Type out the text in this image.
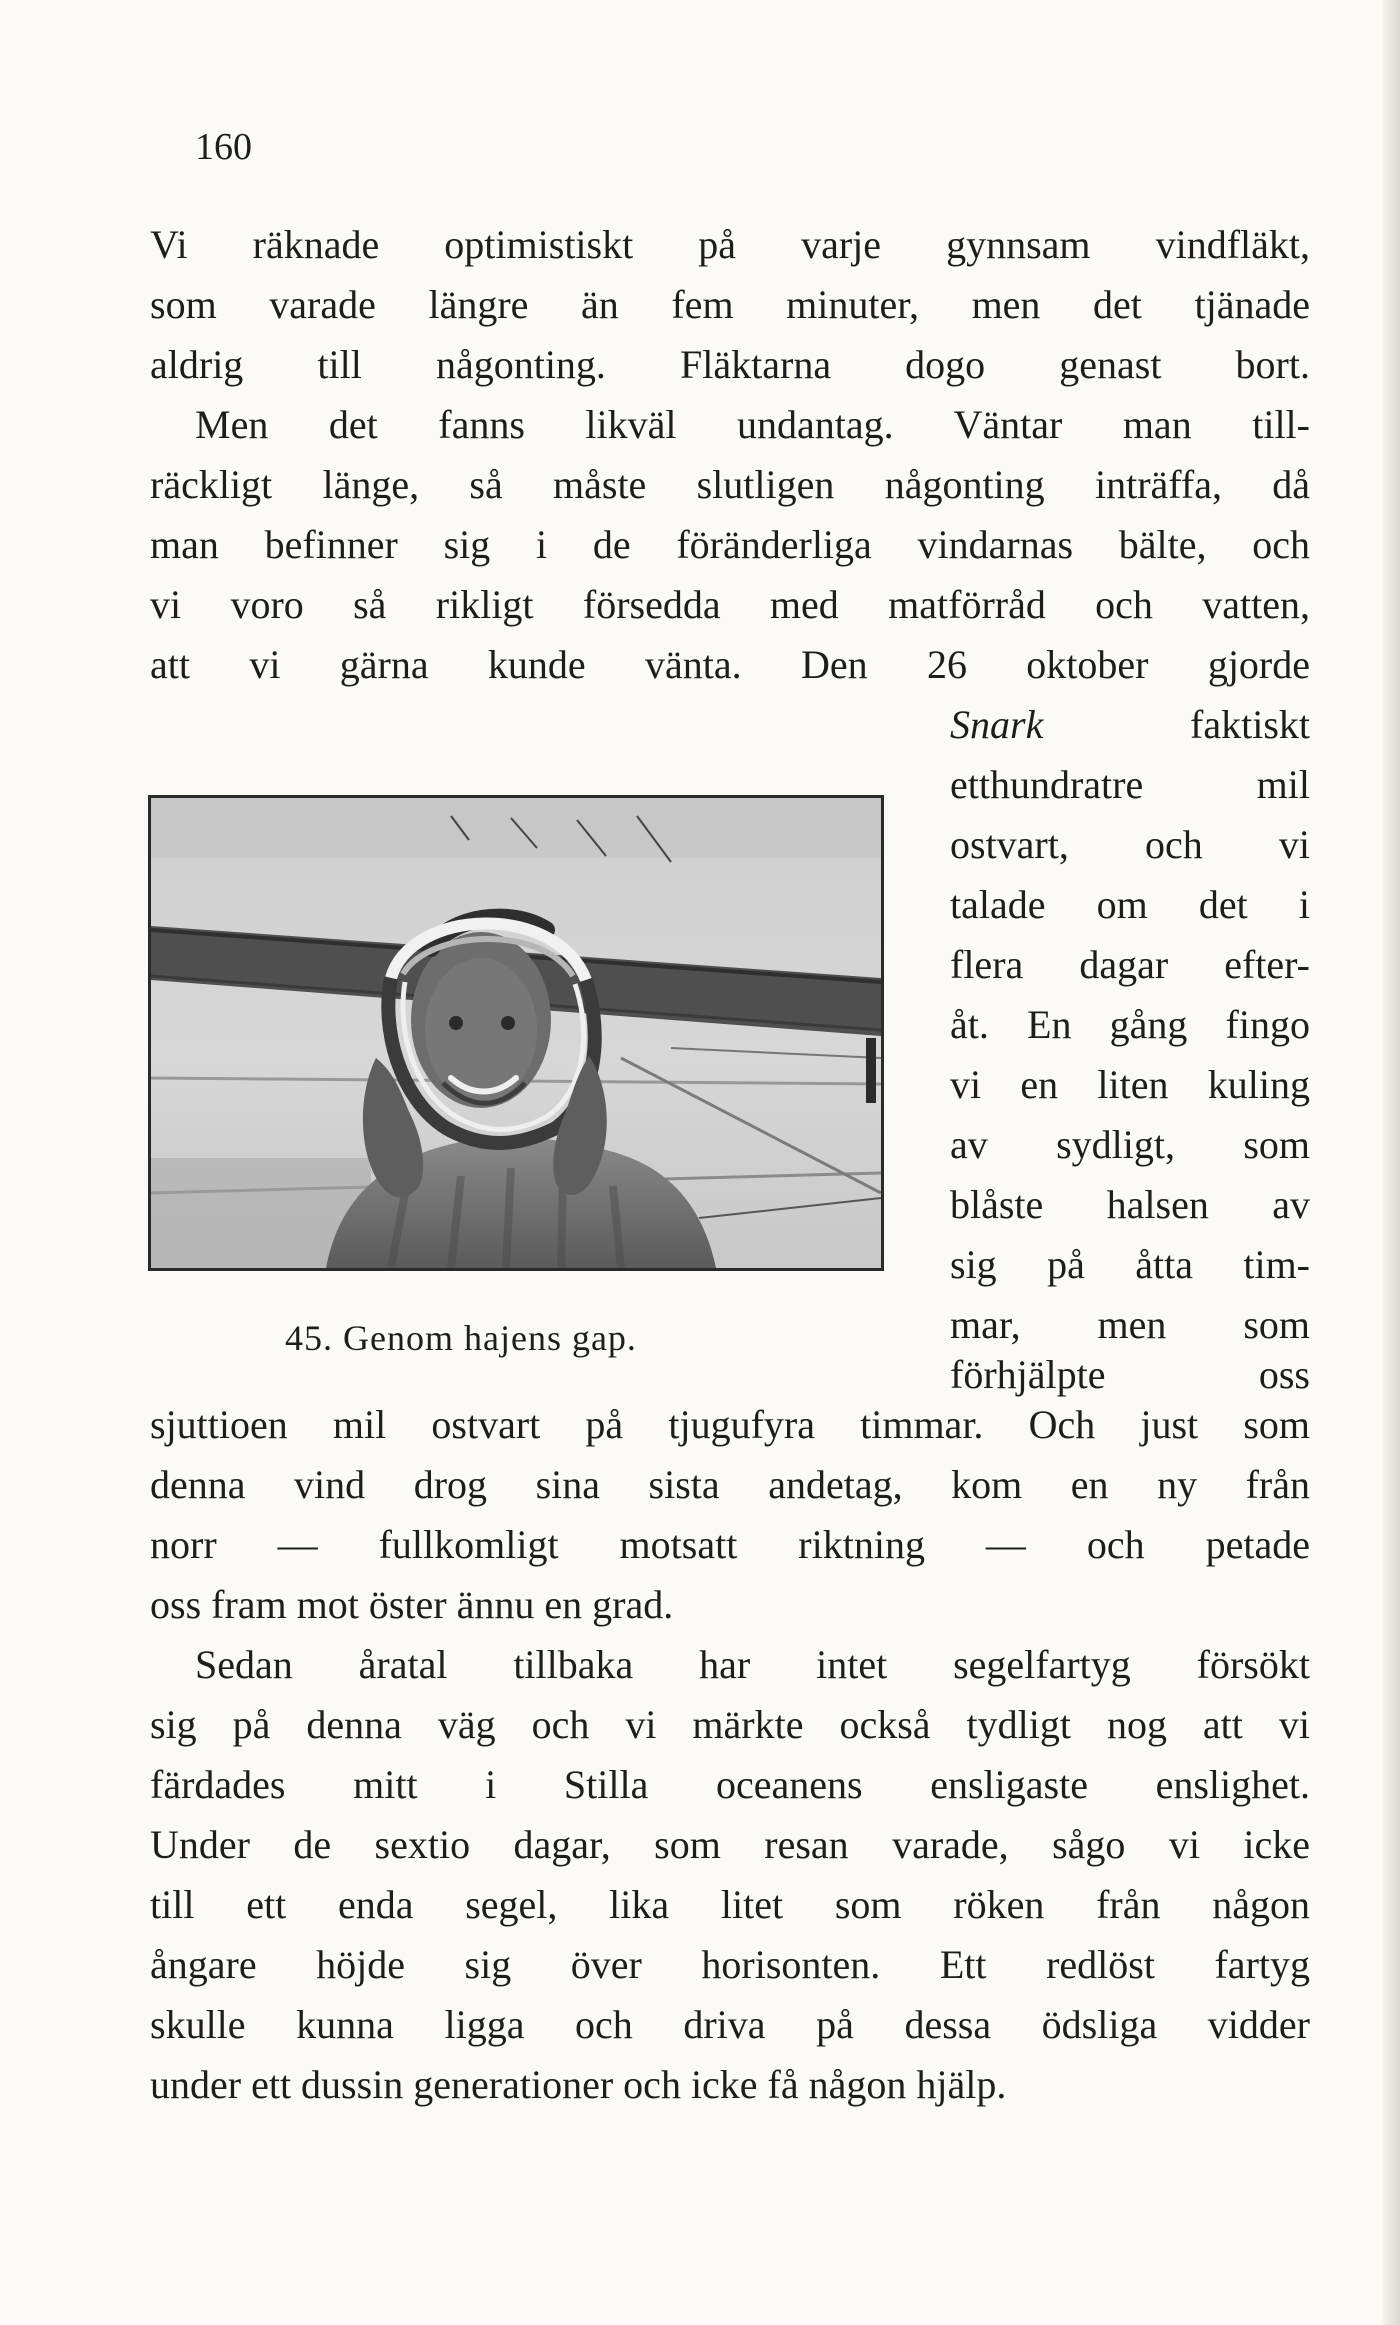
160
Vi räknade optimistiskt på varje gynnsam vindfläkt,
som varade längre än fem minuter, men det tjänade
aldrig till någonting. Fläktarna dogo genast bort.
Men det fanns likväl undantag. Väntar man till-
räckligt länge, så måste slutligen någonting inträffa, då
man befinner sig i de föränderliga vindarnas bälte, och
vi voro så rikligt försedda med matförråd och vatten,
att vi gärna kunde vänta. Den 26 oktober gjorde
Snark faktiskt
etthundratre mil
ostvart, och vi
talade om det i
flera dagar efter-
åt. En gång fingo
vi en liten kuling
av sydligt, som
blåste halsen av
sig på åtta tim-
mar, men som
förhjälpte oss
45. Genom hajens gap.
sjuttioen mil ostvart på tjugufyra timmar. Och just som
denna vind drog sina sista andetag, kom en ny från
norr — fullkomligt motsatt riktning — och petade
oss fram mot öster ännu en grad.
Sedan åratal tillbaka har intet segelfartyg försökt
sig på denna väg och vi märkte också tydligt nog att vi
färdades mitt i Stilla oceanens ensligaste enslighet.
Under de sextio dagar, som resan varade, sågo vi icke
till ett enda segel, lika litet som röken från någon
ångare höjde sig över horisonten. Ett redlöst fartyg
skulle kunna ligga och driva på dessa ödsliga vidder
under ett dussin generationer och icke få någon hjälp.
